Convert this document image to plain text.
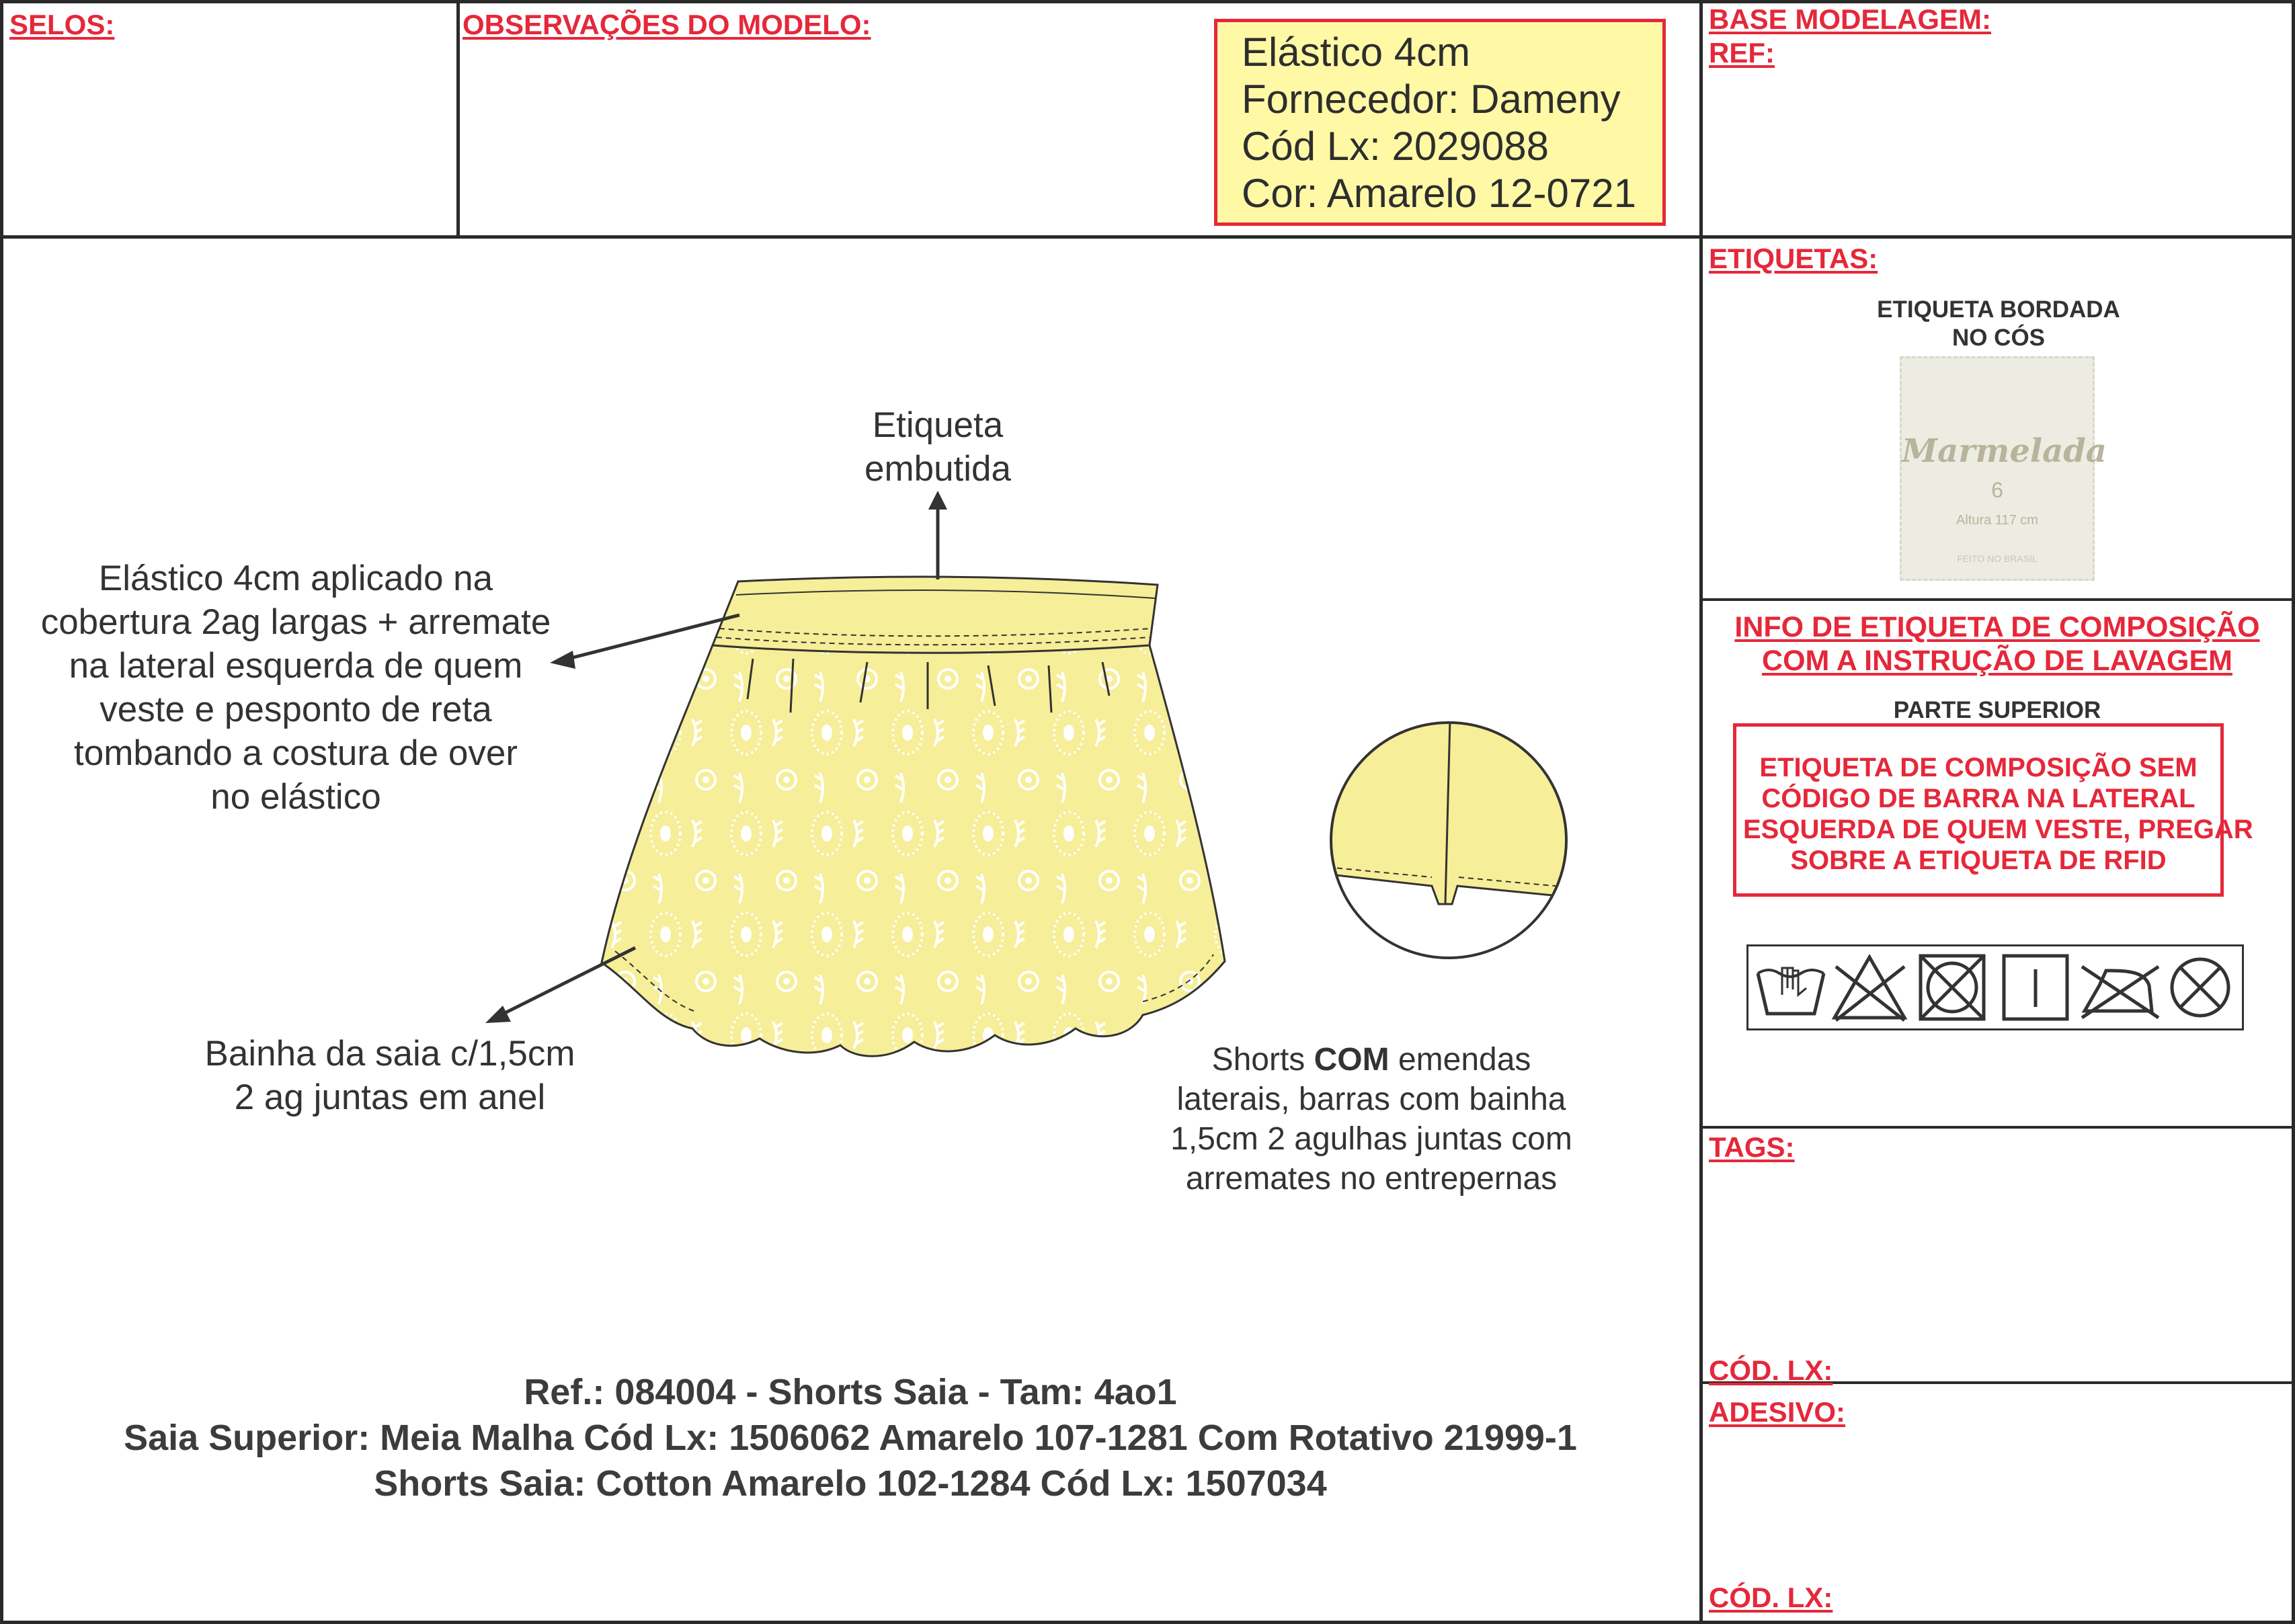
SELOS:	OBSERVAÇÕES DO MODELO:	BASE MODELAGEM:
REF:
Elástico 4cm
Fornecedor: Dameny
Cód Lx: 2029088
Cor: Amarelo 12-0721
Etiqueta
embutida
Elástico 4cm aplicado na
cobertura 2ag largas + arremate
na lateral esquerda de quem
veste e pesponto de reta
tombando a costura de over
no elástico
Bainha da saia c/1,5cm
2 ag juntas em anel
Shorts COM emendas
laterais, barras com bainha
1,5cm 2 agulhas juntas com
arremates no entrepernas
Ref.: 084004 - Shorts Saia - Tam: 4ao1
Saia Superior: Meia Malha Cód Lx: 1506062 Amarelo 107-1281 Com Rotativo 21999-1
Shorts Saia: Cotton Amarelo 102-1284 Cód Lx: 1507034
ETIQUETAS:
ETIQUETA BORDADA
NO CÓS
Marmelada
6
Altura 117 cm
FEITO NO BRASIL
INFO DE ETIQUETA DE COMPOSIÇÃO
COM A INSTRUÇÃO DE LAVAGEM
PARTE SUPERIOR
ETIQUETA DE COMPOSIÇÃO SEM
CÓDIGO DE BARRA NA LATERAL
ESQUERDA DE QUEM VESTE, PREGAR
SOBRE A ETIQUETA DE RFID
TAGS:
CÓD. LX:
ADESIVO:
CÓD. LX:
